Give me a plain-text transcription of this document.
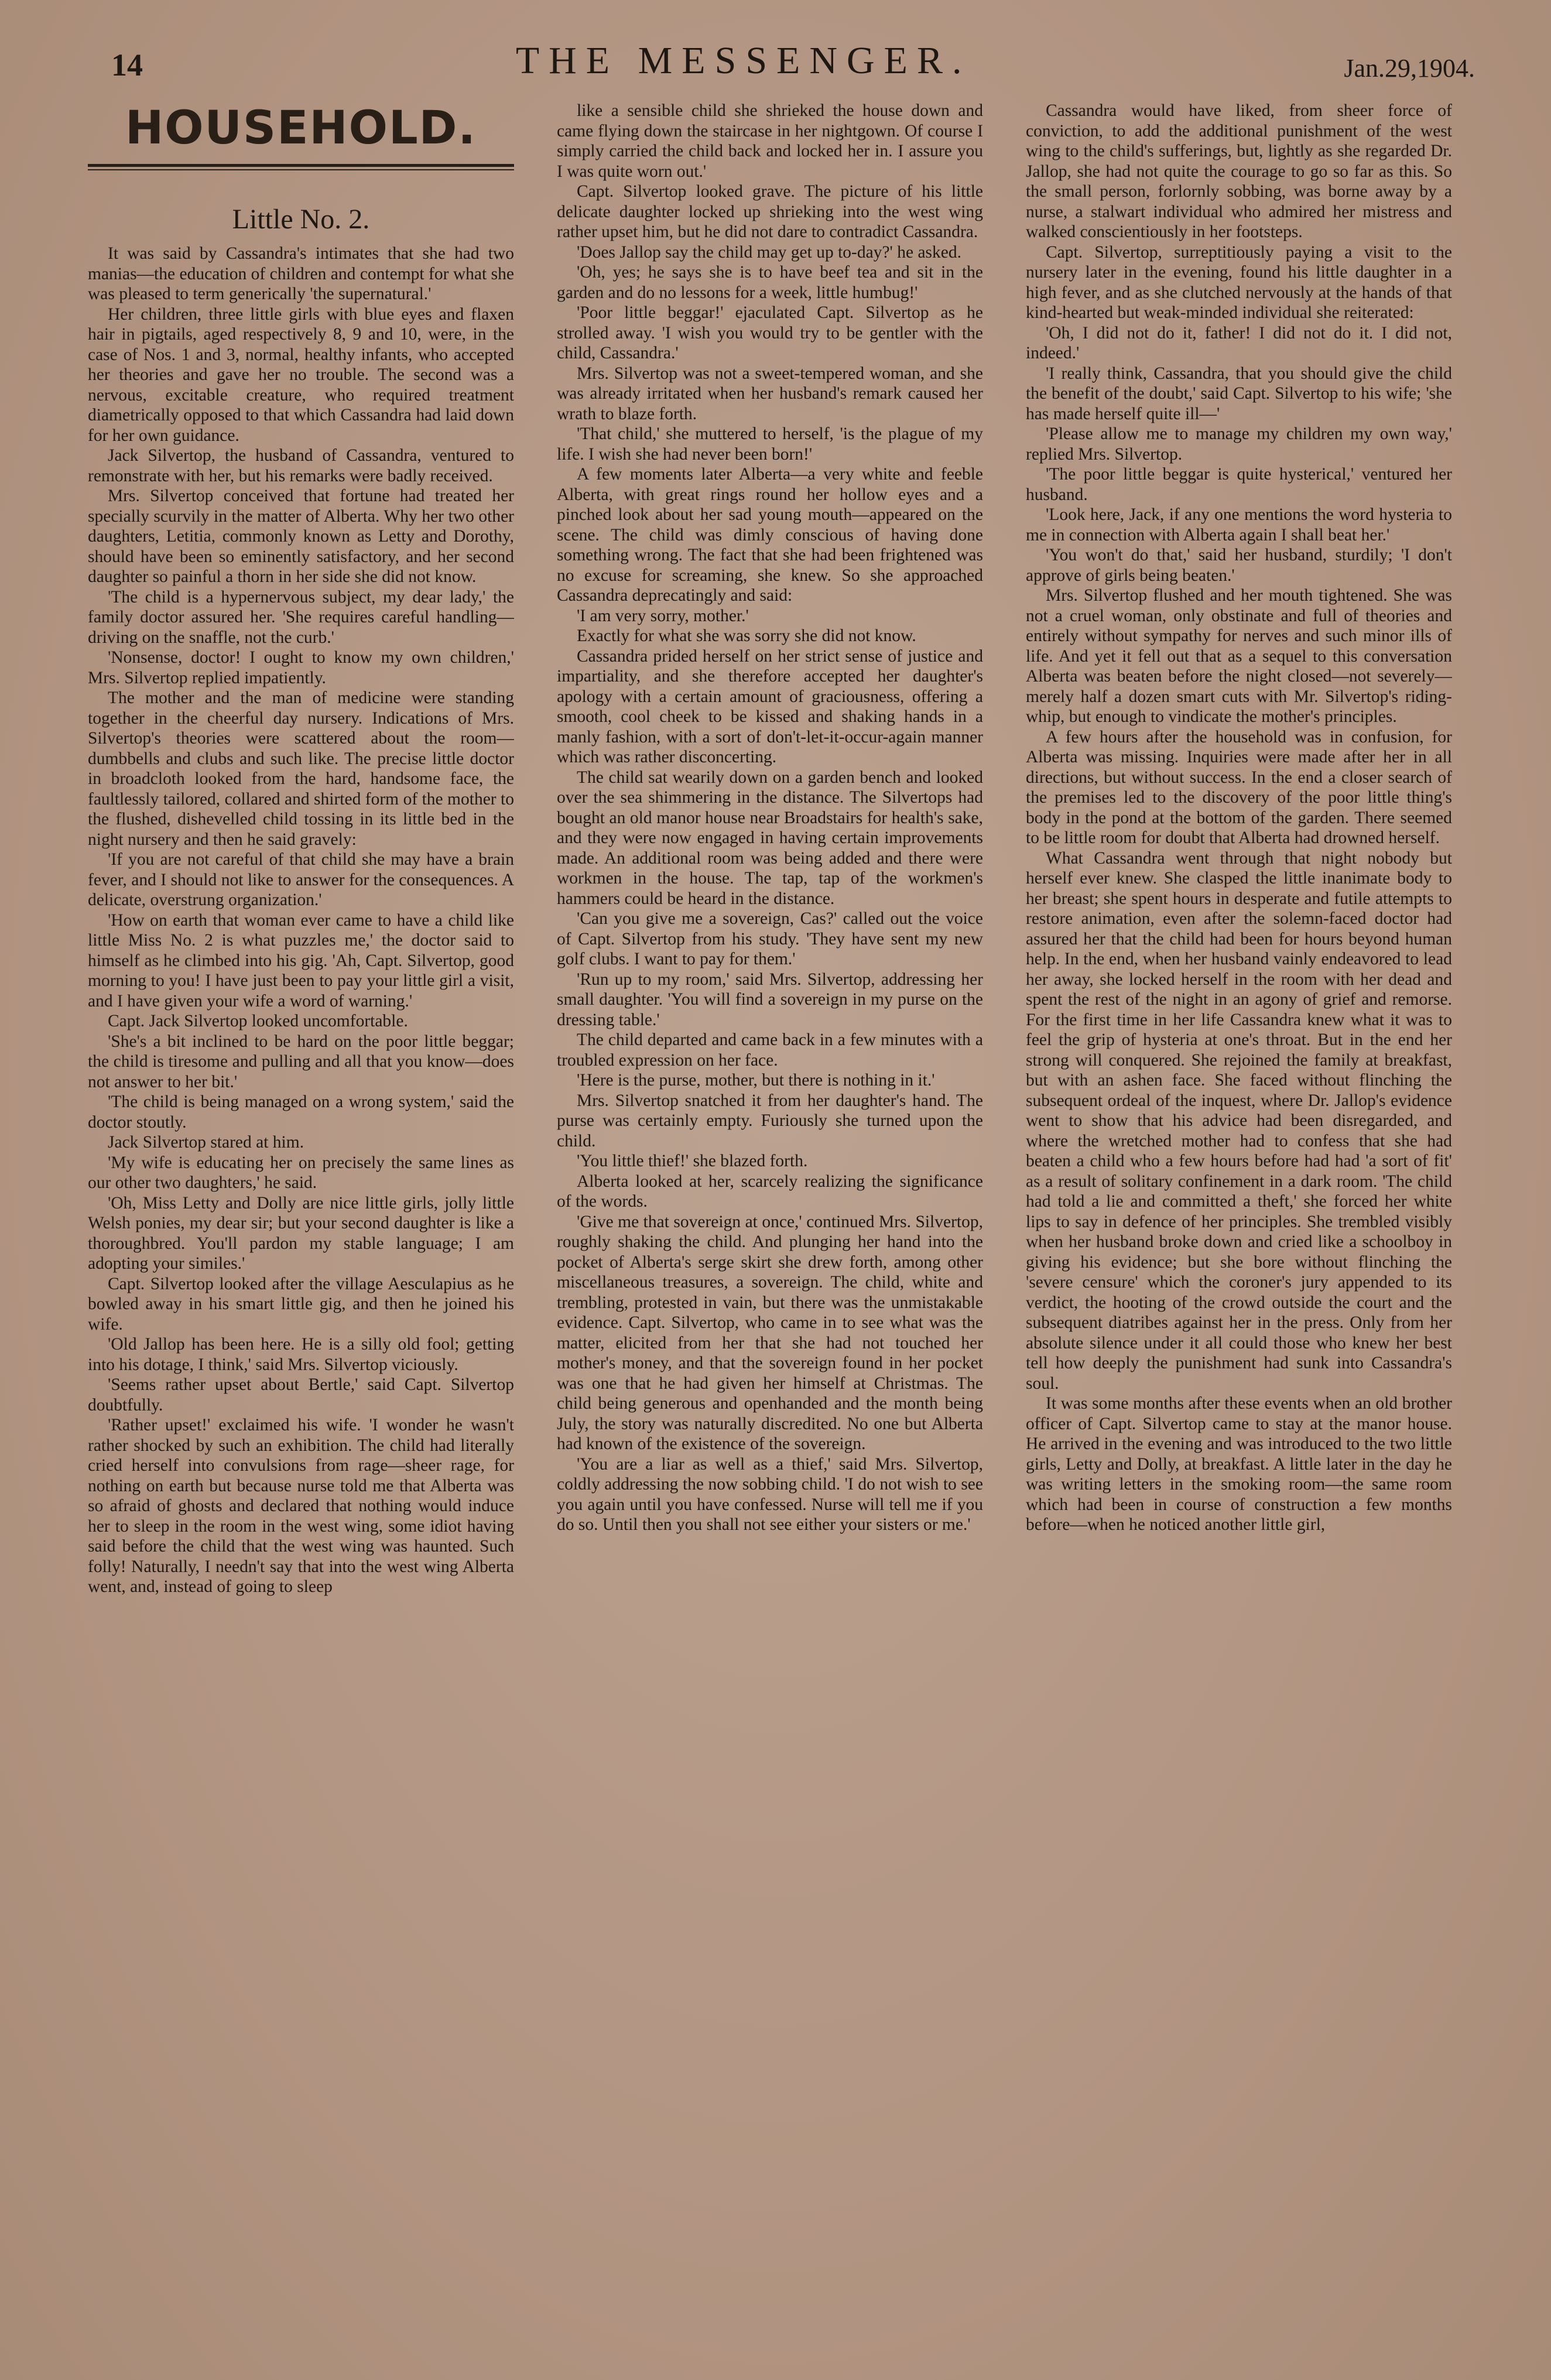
14	THE MESSENGER.	Jan.29,1904.
HOUSEHOLD.
Little No. 2.

It was said by Cassandra's intimates that she had two manias—the education of children and contempt for what she was pleased to term generically 'the supernatural.'

Her children, three little girls with blue eyes and flaxen hair in pigtails, aged respectively 8, 9 and 10, were, in the case of Nos. 1 and 3, normal, healthy infants, who accepted her theories and gave her no trouble. The second was a nervous, excitable creature, who required treatment diametrically opposed to that which Cassandra had laid down for her own guidance.

Jack Silvertop, the husband of Cassandra, ventured to remonstrate with her, but his remarks were badly received.

Mrs. Silvertop conceived that fortune had treated her specially scurvily in the matter of Alberta. Why her two other daughters, Letitia, commonly known as Letty and Dorothy, should have been so eminently satisfactory, and her second daughter so painful a thorn in her side she did not know.

'The child is a hypernervous subject, my dear lady,' the family doctor assured her. 'She requires careful handling—driving on the snaffle, not the curb.'

'Nonsense, doctor! I ought to know my own children,' Mrs. Silvertop replied impatiently.

The mother and the man of medicine were standing together in the cheerful day nursery. Indications of Mrs. Silvertop's theories were scattered about the room—dumbbells and clubs and such like. The precise little doctor in broadcloth looked from the hard, handsome face, the faultlessly tailored, collared and shirted form of the mother to the flushed, dishevelled child tossing in its little bed in the night nursery and then he said gravely:

'If you are not careful of that child she may have a brain fever, and I should not like to answer for the consequences. A delicate, overstrung organization.'

'How on earth that woman ever came to have a child like little Miss No. 2 is what puzzles me,' the doctor said to himself as he climbed into his gig. 'Ah, Capt. Silvertop, good morning to you! I have just been to pay your little girl a visit, and I have given your wife a word of warning.'

Capt. Jack Silvertop looked uncomfortable.

'She's a bit inclined to be hard on the poor little beggar; the child is tiresome and pulling and all that you know—does not answer to her bit.'

'The child is being managed on a wrong system,' said the doctor stoutly.

Jack Silvertop stared at him.

'My wife is educating her on precisely the same lines as our other two daughters,' he said.

'Oh, Miss Letty and Dolly are nice little girls, jolly little Welsh ponies, my dear sir; but your second daughter is like a thoroughbred. You'll pardon my stable language; I am adopting your similes.'

Capt. Silvertop looked after the village Aesculapius as he bowled away in his smart little gig, and then he joined his wife.

'Old Jallop has been here. He is a silly old fool; getting into his dotage, I think,' said Mrs. Silvertop viciously.

'Seems rather upset about Bertle,' said Capt. Silvertop doubtfully.

'Rather upset!' exclaimed his wife. 'I wonder he wasn't rather shocked by such an exhibition. The child had literally cried herself into convulsions from rage—sheer rage, for nothing on earth but because nurse told me that Alberta was so afraid of ghosts and declared that nothing would induce her to sleep in the room in the west wing, some idiot having said before the child that the west wing was haunted. Such folly! Naturally, I needn't say that into the west wing Alberta went, and, instead of going to sleep

like a sensible child she shrieked the house down and came flying down the staircase in her nightgown. Of course I simply carried the child back and locked her in. I assure you I was quite worn out.'

Capt. Silvertop looked grave. The picture of his little delicate daughter locked up shrieking into the west wing rather upset him, but he did not dare to contradict Cassandra.

'Does Jallop say the child may get up to-day?' he asked.

'Oh, yes; he says she is to have beef tea and sit in the garden and do no lessons for a week, little humbug!'

'Poor little beggar!' ejaculated Capt. Silvertop as he strolled away. 'I wish you would try to be gentler with the child, Cassandra.'

Mrs. Silvertop was not a sweet-tempered woman, and she was already irritated when her husband's remark caused her wrath to blaze forth.

'That child,' she muttered to herself, 'is the plague of my life. I wish she had never been born!'

A few moments later Alberta—a very white and feeble Alberta, with great rings round her hollow eyes and a pinched look about her sad young mouth—appeared on the scene. The child was dimly conscious of having done something wrong. The fact that she had been frightened was no excuse for screaming, she knew. So she approached Cassandra deprecatingly and said:

'I am very sorry, mother.'

Exactly for what she was sorry she did not know.

Cassandra prided herself on her strict sense of justice and impartiality, and she therefore accepted her daughter's apology with a certain amount of graciousness, offering a smooth, cool cheek to be kissed and shaking hands in a manly fashion, with a sort of don't-let-it-occur-again manner which was rather disconcerting.

The child sat wearily down on a garden bench and looked over the sea shimmering in the distance. The Silvertops had bought an old manor house near Broadstairs for health's sake, and they were now engaged in having certain improvements made. An additional room was being added and there were workmen in the house. The tap, tap of the workmen's hammers could be heard in the distance.

'Can you give me a sovereign, Cas?' called out the voice of Capt. Silvertop from his study. 'They have sent my new golf clubs. I want to pay for them.'

'Run up to my room,' said Mrs. Silvertop, addressing her small daughter. 'You will find a sovereign in my purse on the dressing table.'

The child departed and came back in a few minutes with a troubled expression on her face.

'Here is the purse, mother, but there is nothing in it.'

Mrs. Silvertop snatched it from her daughter's hand. The purse was certainly empty. Furiously she turned upon the child.

'You little thief!' she blazed forth.

Alberta looked at her, scarcely realizing the significance of the words.

'Give me that sovereign at once,' continued Mrs. Silvertop, roughly shaking the child. And plunging her hand into the pocket of Alberta's serge skirt she drew forth, among other miscellaneous treasures, a sovereign. The child, white and trembling, protested in vain, but there was the unmistakable evidence. Capt. Silvertop, who came in to see what was the matter, elicited from her that she had not touched her mother's money, and that the sovereign found in her pocket was one that he had given her himself at Christmas. The child being generous and openhanded and the month being July, the story was naturally discredited. No one but Alberta had known of the existence of the sovereign.

'You are a liar as well as a thief,' said Mrs. Silvertop, coldly addressing the now sobbing child. 'I do not wish to see you again until you have confessed. Nurse will tell me if you do so. Until then you shall not see either your sisters or me.'

Cassandra would have liked, from sheer force of conviction, to add the additional punishment of the west wing to the child's sufferings, but, lightly as she regarded Dr. Jallop, she had not quite the courage to go so far as this. So the small person, forlornly sobbing, was borne away by a nurse, a stalwart individual who admired her mistress and walked conscientiously in her footsteps.

Capt. Silvertop, surreptitiously paying a visit to the nursery later in the evening, found his little daughter in a high fever, and as she clutched nervously at the hands of that kind-hearted but weak-minded individual she reiterated:

'Oh, I did not do it, father! I did not do it. I did not, indeed.'

'I really think, Cassandra, that you should give the child the benefit of the doubt,' said Capt. Silvertop to his wife; 'she has made herself quite ill—'

'Please allow me to manage my children my own way,' replied Mrs. Silvertop.

'The poor little beggar is quite hysterical,' ventured her husband.

'Look here, Jack, if any one mentions the word hysteria to me in connection with Alberta again I shall beat her.'

'You won't do that,' said her husband, sturdily; 'I don't approve of girls being beaten.'

Mrs. Silvertop flushed and her mouth tightened. She was not a cruel woman, only obstinate and full of theories and entirely without sympathy for nerves and such minor ills of life. And yet it fell out that as a sequel to this conversation Alberta was beaten before the night closed—not severely—merely half a dozen smart cuts with Mr. Silvertop's riding-whip, but enough to vindicate the mother's principles.

A few hours after the household was in confusion, for Alberta was missing. Inquiries were made after her in all directions, but without success. In the end a closer search of the premises led to the discovery of the poor little thing's body in the pond at the bottom of the garden. There seemed to be little room for doubt that Alberta had drowned herself.

What Cassandra went through that night nobody but herself ever knew. She clasped the little inanimate body to her breast; she spent hours in desperate and futile attempts to restore animation, even after the solemn-faced doctor had assured her that the child had been for hours beyond human help. In the end, when her husband vainly endeavored to lead her away, she locked herself in the room with her dead and spent the rest of the night in an agony of grief and remorse. For the first time in her life Cassandra knew what it was to feel the grip of hysteria at one's throat. But in the end her strong will conquered. She rejoined the family at breakfast, but with an ashen face. She faced without flinching the subsequent ordeal of the inquest, where Dr. Jallop's evidence went to show that his advice had been disregarded, and where the wretched mother had to confess that she had beaten a child who a few hours before had had 'a sort of fit' as a result of solitary confinement in a dark room. 'The child had told a lie and committed a theft,' she forced her white lips to say in defence of her principles. She trembled visibly when her husband broke down and cried like a schoolboy in giving his evidence; but she bore without flinching the 'severe censure' which the coroner's jury appended to its verdict, the hooting of the crowd outside the court and the subsequent diatribes against her in the press. Only from her absolute silence under it all could those who knew her best tell how deeply the punishment had sunk into Cassandra's soul.

It was some months after these events when an old brother officer of Capt. Silvertop came to stay at the manor house. He arrived in the evening and was introduced to the two little girls, Letty and Dolly, at breakfast. A little later in the day he was writing letters in the smoking room—the same room which had been in course of construction a few months before—when he noticed another little girl,
